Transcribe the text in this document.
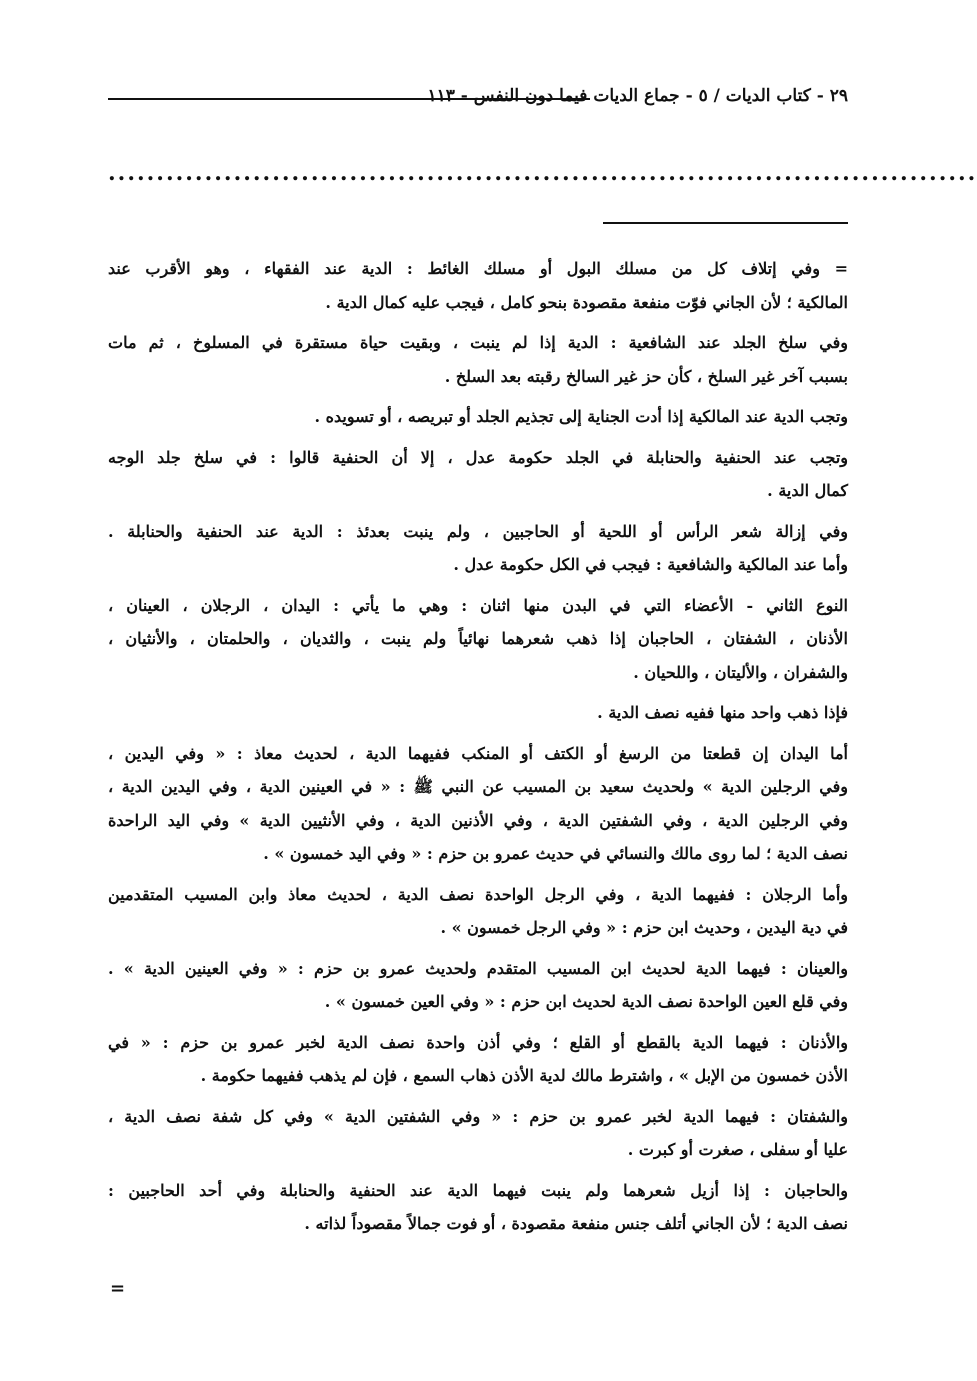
٢٩ - كتاب الديات / ٥ - جماع الديات فيما دون النفس - ١١٣
..........................................................................................
= وفي إتلاف كل من مسلك البول أو مسلك الغائط : الدية عند الفقهاء ، وهو الأقرب عند
المالكية ؛ لأن الجاني فوّت منفعة مقصودة بنحو كامل ، فيجب عليه كمال الدية .
وفي سلخ الجلد عند الشافعية : الدية إذا لم ينبت ، وبقيت حياة مستقرة في المسلوخ ، ثم مات
بسبب آخر غير السلخ ، كأن حز غير السالخ رقبته بعد السلخ .
وتجب الدية عند المالكية إذا أدت الجناية إلى تجذيم الجلد أو تبريصه ، أو تسويده .
وتجب عند الحنفية والحنابلة في الجلد حكومة عدل ، إلا أن الحنفية قالوا : في سلخ جلد الوجه
كمال الدية .
وفي إزالة شعر الرأس أو اللحية أو الحاجبين ، ولم ينبت بعدئذ : الدية عند الحنفية والحنابلة .
وأما عند المالكية والشافعية : فيجب في الكل حكومة عدل .
النوع الثاني - الأعضاء التي في البدن منها اثنان : وهي ما يأتي : اليدان ، الرجلان ، العينان ،
الأذنان ، الشفتان ، الحاجبان إذا ذهب شعرهما نهائياً ولم ينبت ، والثديان ، والحلمتان ، والأنثيان ،
والشفران ، والأليتان ، واللحيان .
فإذا ذهب واحد منها ففيه نصف الدية .
أما اليدان إن قطعتا من الرسغ أو الكتف أو المنكب ففيهما الدية ، لحديث معاذ : « وفي اليدين ،
وفي الرجلين الدية » ولحديث سعيد بن المسيب عن النبي ﷺ : « في العينين الدية ، وفي اليدين الدية ،
وفي الرجلين الدية ، وفي الشفتين الدية ، وفي الأذنين الدية ، وفي الأنثيين الدية » وفي اليد الراحدة
نصف الدية ؛ لما روى مالك والنسائي في حديث عمرو بن حزم : « وفي اليد خمسون » .
وأما الرجلان : ففيهما الدية ، وفي الرجل الواحدة نصف الدية ، لحديث معاذ وابن المسيب المتقدمين
في دية اليدين ، وحديث ابن حزم : « وفي الرجل خمسون » .
والعينان : فيهما الدية لحديث ابن المسيب المتقدم ولحديث عمرو بن حزم : « وفي العينين الدية » .
وفي قلع العين الواحدة نصف الدية لحديث ابن حزم : « وفي العين خمسون » .
والأذنان : فيهما الدية بالقطع أو القلع ؛ وفي أذن واحدة نصف الدية لخبر عمرو بن حزم : « في
الأذن خمسون من الإبل » ، واشترط مالك لدية الأذن ذهاب السمع ، فإن لم يذهب ففيهما حكومة .
والشفتان : فيهما الدية لخبر عمرو بن حزم : « وفي الشفتين الدية » وفي كل شفة نصف الدية ،
عليا أو سفلى ، صغرت أو كبرت .
والحاجبان : إذا أزيل شعرهما ولم ينبت فيهما الدية عند الحنفية والحنابلة وفي أحد الحاجبين :
نصف الدية ؛ لأن الجاني أتلف جنس منفعة مقصودة ، أو فوت جمالاً مقصوداً لذاته .
=
